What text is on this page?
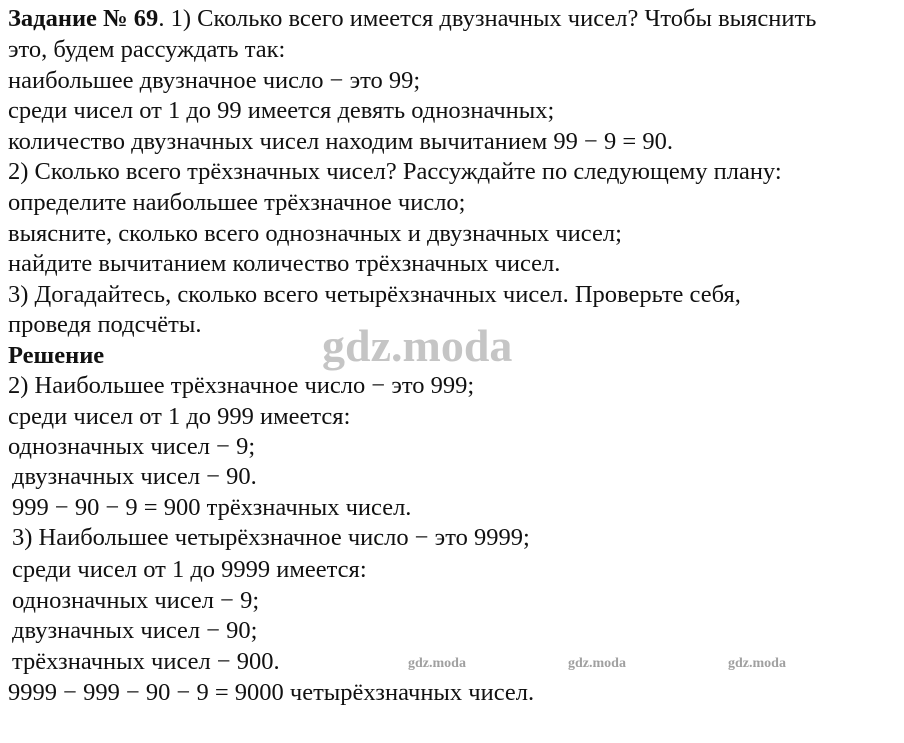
Задание № 69. 1) Сколько всего имеется двузначных чисел? Чтобы выяснить
это, будем рассуждать так:
наибольшее двузначное число − это 99;
среди чисел от 1 до 99 имеется девять однозначных;
количество двузначных чисел находим вычитанием 99 − 9 = 90.
2) Сколько всего трёхзначных чисел? Рассуждайте по следующему плану:
определите наибольшее трёхзначное число;
выясните, сколько всего однозначных и двузначных чисел;
найдите вычитанием количество трёхзначных чисел.
3) Догадайтесь, сколько всего четырёхзначных чисел. Проверьте себя,
проведя подсчёты.
Решение
2) Наибольшее трёхзначное число − это 999;
среди чисел от 1 до 999 имеется:
однозначных чисел − 9;
двузначных чисел − 90.
999 − 90 − 9 = 900 трёхзначных чисел.
3) Наибольшее четырёхзначное число − это 9999;
среди чисел от 1 до 9999 имеется:
однозначных чисел − 9;
двузначных чисел − 90;
трёхзначных чисел − 900.
9999 − 999 − 90 − 9 = 9000 четырёхзначных чисел.
gdz.moda
gdz.moda	gdz.moda	gdz.moda
